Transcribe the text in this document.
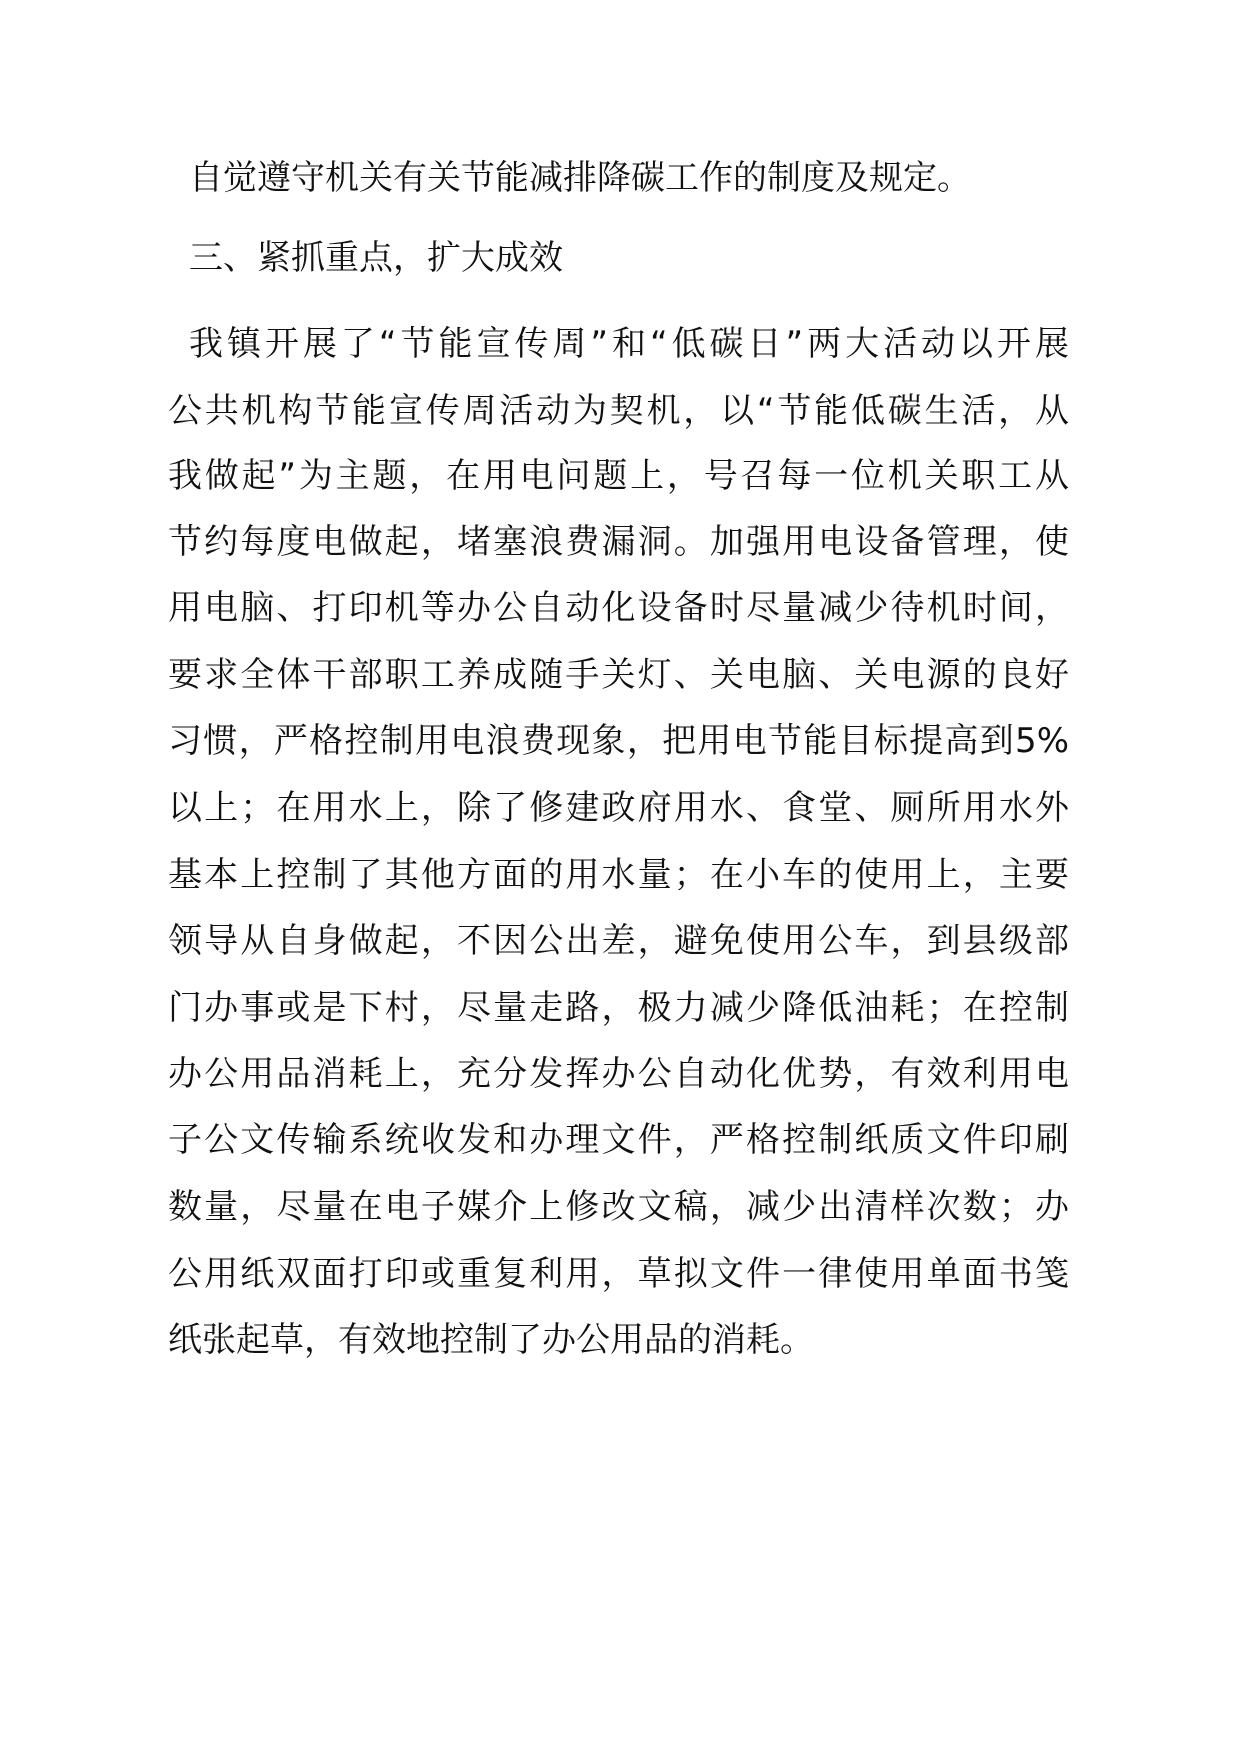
自觉遵守机关有关节能减排降碳工作的制度及规定。
三、紧抓重点，扩大成效
我镇开展了“节能宣传周”和“低碳日”两大活动以开展
公共机构节能宣传周活动为契机，以“节能低碳生活，从
我做起”为主题，在用电问题上，号召每一位机关职工从
节约每度电做起，堵塞浪费漏洞。加强用电设备管理，使
用电脑、打印机等办公自动化设备时尽量减少待机时间，
要求全体干部职工养成随手关灯、关电脑、关电源的良好
习惯，严格控制用电浪费现象，把用电节能目标提高到5%
以上；在用水上，除了修建政府用水、食堂、厕所用水外
基本上控制了其他方面的用水量；在小车的使用上，主要
领导从自身做起，不因公出差，避免使用公车，到县级部
门办事或是下村，尽量走路，极力减少降低油耗；在控制
办公用品消耗上，充分发挥办公自动化优势，有效利用电
子公文传输系统收发和办理文件，严格控制纸质文件印刷
数量，尽量在电子媒介上修改文稿，减少出清样次数；办
公用纸双面打印或重复利用，草拟文件一律使用单面书笺
纸张起草，有效地控制了办公用品的消耗。
